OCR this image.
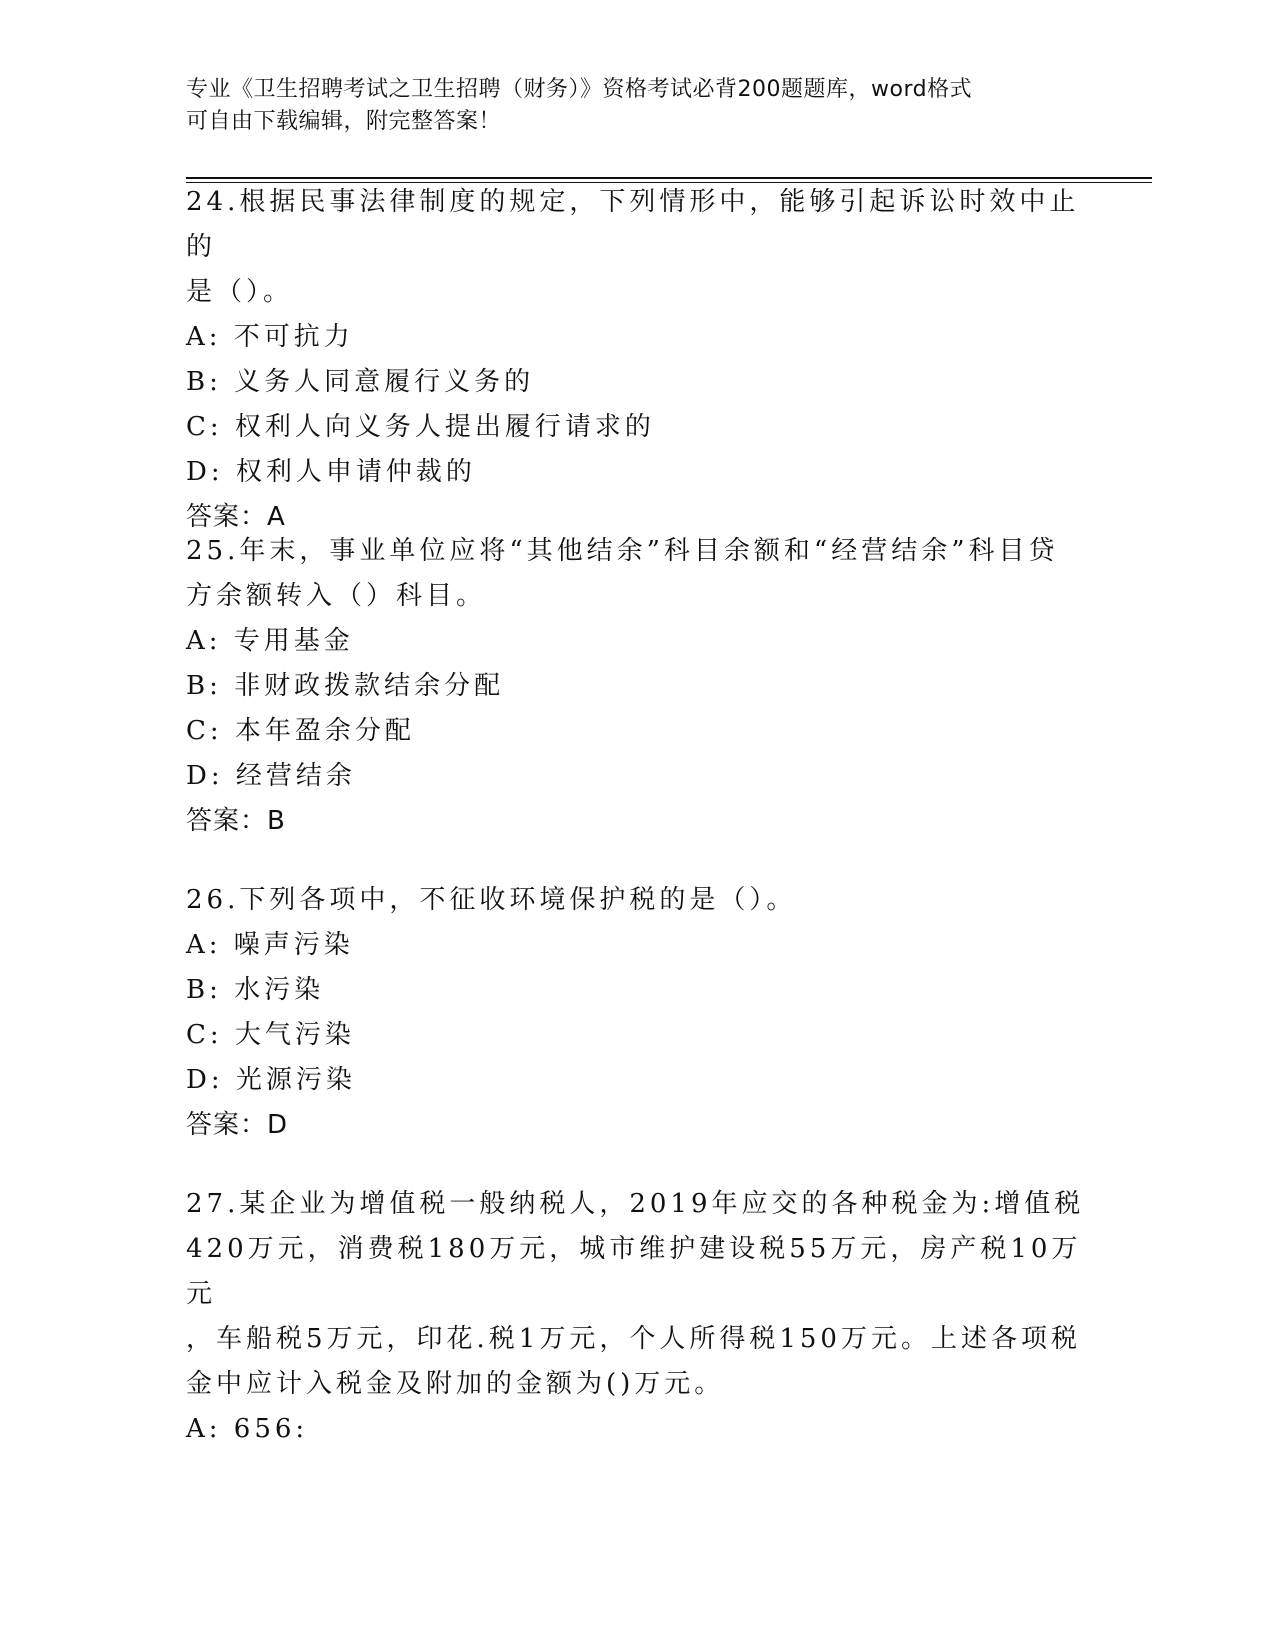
专业《卫生招聘考试之卫生招聘（财务）》资格考试必背200题题库，word格式
可自由下载编辑，附完整答案！

24.根据民事法律制度的规定，下列情形中，能够引起诉讼时效中止的

是（）。

A: 不可抗力

B: 义务人同意履行义务的

C: 权利人向义务人提出履行请求的

D: 权利人申请仲裁的

答案：A

25.年末，事业单位应将“其他结余”科目余额和“经营结余”科目贷

方余额转入（）科目。

A: 专用基金

B: 非财政拨款结余分配

C: 本年盈余分配

D: 经营结余

答案：B

26.下列各项中，不征收环境保护税的是（）。

A: 噪声污染

B: 水污染

C: 大气污染

D: 光源污染

答案：D

27.某企业为增值税一般纳税人，2019年应交的各种税金为:增值税

420万元，消费税180万元，城市维护建设税55万元，房产税10万元

，车船税5万元，印花.税1万元，个人所得税150万元。上述各项税

金中应计入税金及附加的金额为()万元。

A: 656:
